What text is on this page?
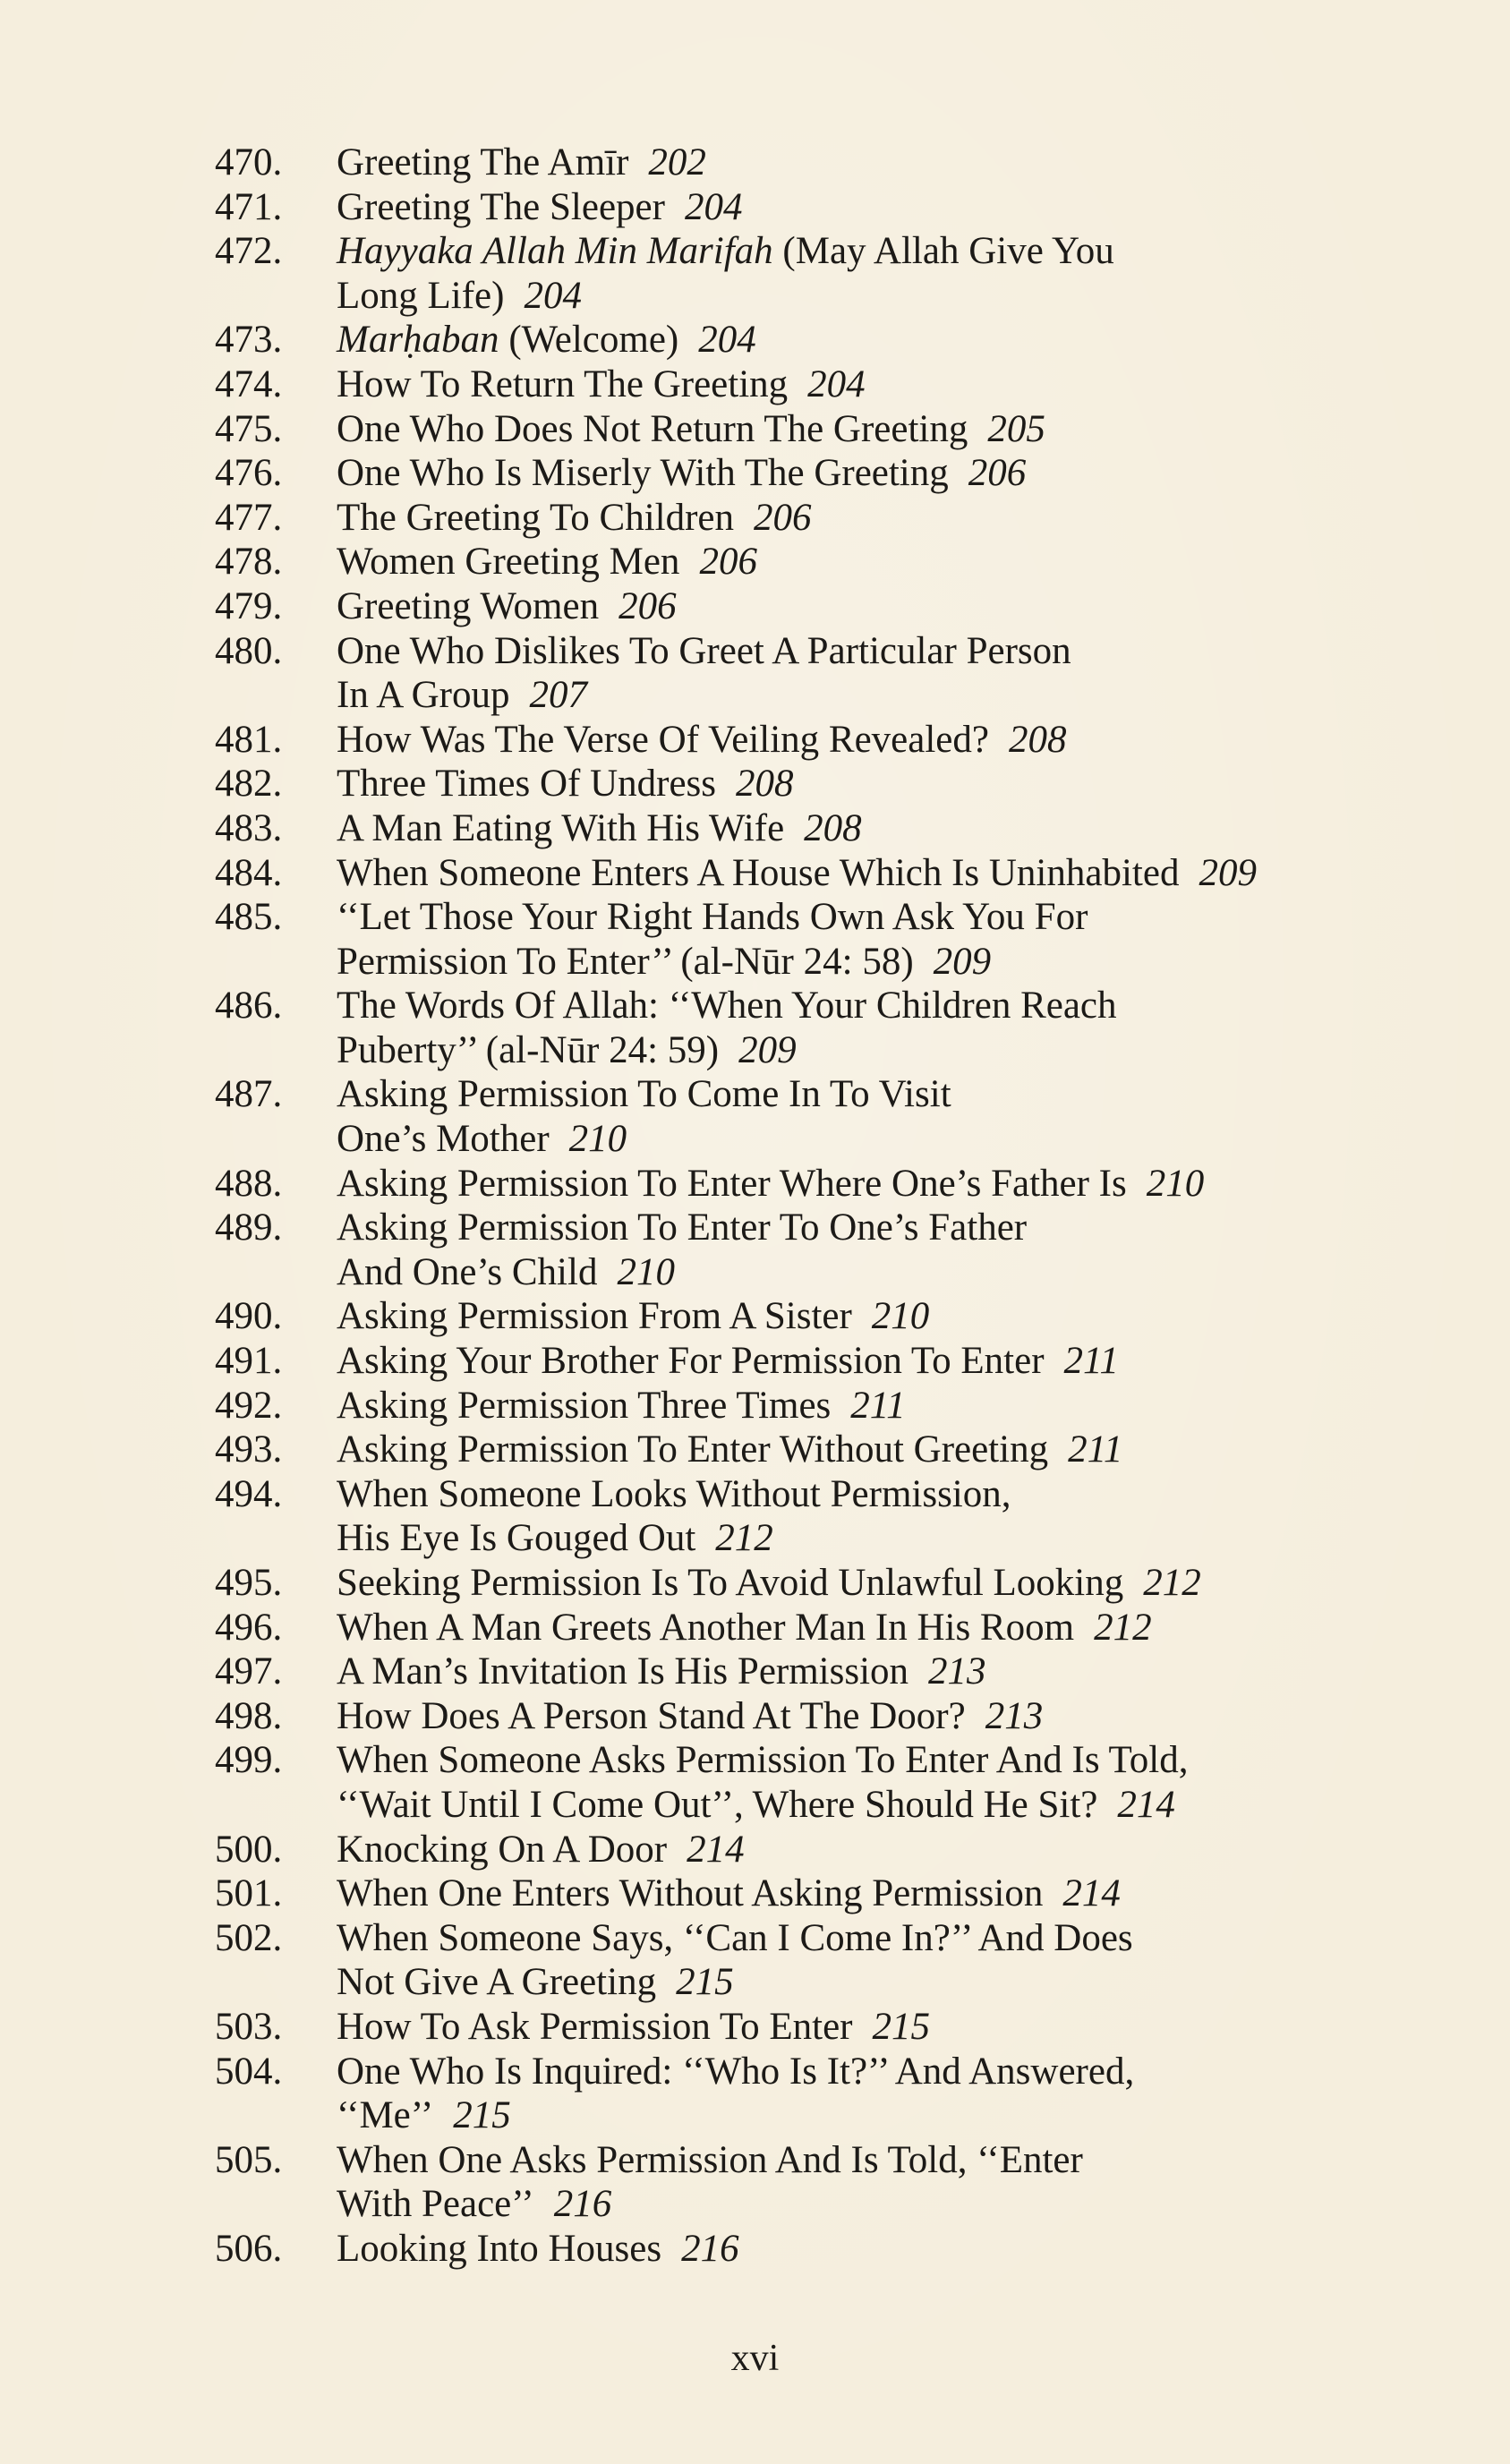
470.	Greeting The Amīr 202
471.	Greeting The Sleeper 204
472.	Hayyaka Allah Min Marifah (May Allah Give You
Long Life) 204
473.	Marḥaban (Welcome) 204
474.	How To Return The Greeting 204
475.	One Who Does Not Return The Greeting 205
476.	One Who Is Miserly With The Greeting 206
477.	The Greeting To Children 206
478.	Women Greeting Men 206
479.	Greeting Women 206
480.	One Who Dislikes To Greet A Particular Person
In A Group 207
481.	How Was The Verse Of Veiling Revealed? 208
482.	Three Times Of Undress 208
483.	A Man Eating With His Wife 208
484.	When Someone Enters A House Which Is Uninhabited 209
485.	‘‘Let Those Your Right Hands Own Ask You For
Permission To Enter’’ (al-Nūr 24: 58) 209
486.	The Words Of Allah: ‘‘When Your Children Reach
Puberty’’ (al-Nūr 24: 59) 209
487.	Asking Permission To Come In To Visit
One’s Mother 210
488.	Asking Permission To Enter Where One’s Father Is 210
489.	Asking Permission To Enter To One’s Father
And One’s Child 210
490.	Asking Permission From A Sister 210
491.	Asking Your Brother For Permission To Enter 211
492.	Asking Permission Three Times 211
493.	Asking Permission To Enter Without Greeting 211
494.	When Someone Looks Without Permission,
His Eye Is Gouged Out 212
495.	Seeking Permission Is To Avoid Unlawful Looking 212
496.	When A Man Greets Another Man In His Room 212
497.	A Man’s Invitation Is His Permission 213
498.	How Does A Person Stand At The Door? 213
499.	When Someone Asks Permission To Enter And Is Told,
‘‘Wait Until I Come Out’’, Where Should He Sit? 214
500.	Knocking On A Door 214
501.	When One Enters Without Asking Permission 214
502.	When Someone Says, ‘‘Can I Come In?’’ And Does
Not Give A Greeting 215
503.	How To Ask Permission To Enter 215
504.	One Who Is Inquired: ‘‘Who Is It?’’ And Answered,
‘‘Me’’ 215
505.	When One Asks Permission And Is Told, ‘‘Enter
With Peace’’ 216
506.	Looking Into Houses 216
xvi
